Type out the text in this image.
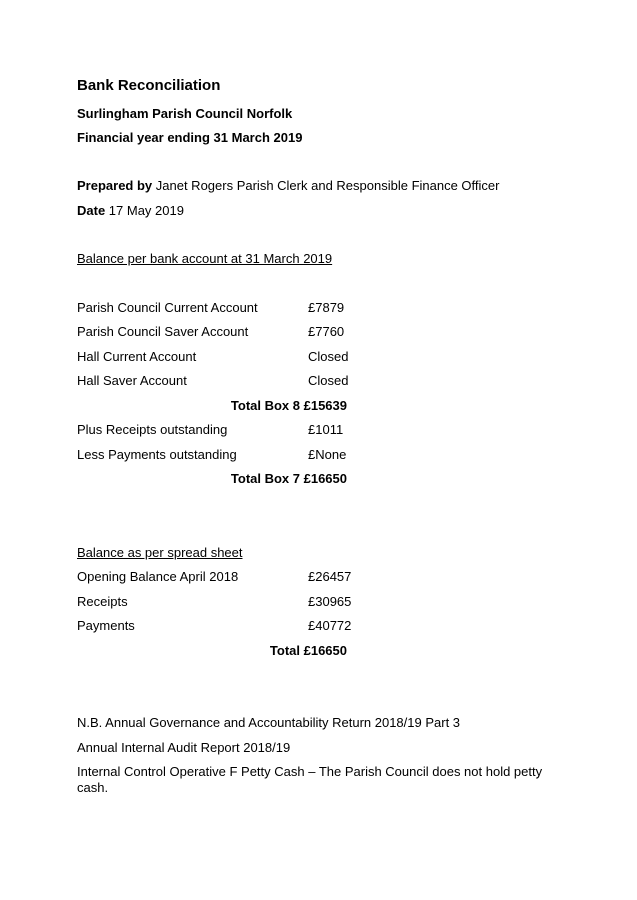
Bank Reconciliation
Surlingham Parish Council Norfolk
Financial year ending 31 March 2019
Prepared by Janet Rogers Parish Clerk and Responsible Finance Officer
Date 17 May 2019
Balance per bank account at 31 March 2019
Parish Council Current Account	£7879
Parish Council Saver Account	£7760
Hall Current Account	Closed
Hall Saver Account	Closed
Total Box 8 £15639
Plus Receipts outstanding	£1011
Less Payments outstanding	£None
Total Box 7 £16650
Balance as per spread sheet
Opening Balance April 2018	£26457
Receipts	£30965
Payments	£40772
Total £16650
N.B. Annual Governance and Accountability Return 2018/19 Part 3
Annual Internal Audit Report 2018/19
Internal Control Operative F Petty Cash – The Parish Council does not hold petty
cash.
